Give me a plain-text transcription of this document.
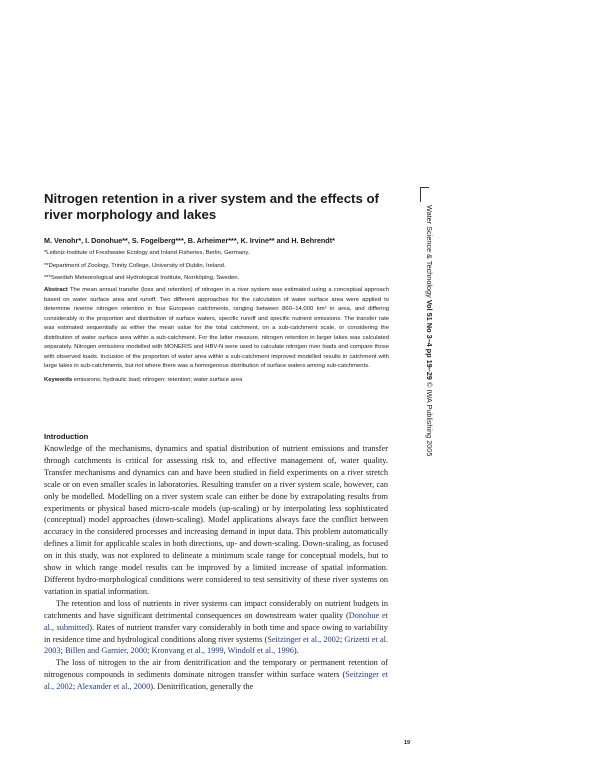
Nitrogen retention in a river system and the effects of river morphology and lakes
M. Venohr*, I. Donohue**, S. Fogelberg***, B. Arheimer***, K. Irvine** and H. Behrendt*
*Leibniz-Institute of Freshwater Ecology and Inland Fisheries, Berlin, Germany.
**Department of Zoology, Trinity College, University of Dublin, Ireland.
***Swedish Meteorological and Hydrological Institute, Norrköping, Sweden.
Abstract The mean annual transfer (loss and retention) of nitrogen in a river system was estimated using a conceptual approach based on water surface area and runoff. Two different approaches for the calculation of water surface area were applied to determine riverine nitrogen retention in four European catchments, ranging between 860–14,000 km² in area, and differing considerably in the proportion and distribution of surface waters, specific runoff and specific nutrient emissions. The transfer rate was estimated sequentially as either the mean value for the total catchment, on a sub-catchment scale, or considering the distribution of water surface area within a sub-catchment. For the latter measure, nitrogen retention in larger lakes was calculated separately. Nitrogen emissions modelled with MONERIS and HBV-N were used to calculate nitrogen river loads and compare those with observed loads. Inclusion of the proportion of water area within a sub-catchment improved modelled results in catchment with large lakes in sub-catchments, but not where there was a homogenous distribution of surface waters among sub-catchments.
Keywords emissions; hydraulic load; nitrogen; retention; water surface area
Introduction

Knowledge of the mechanisms, dynamics and spatial distribution of nutrient emissions and transfer through catchments is critical for assessing risk to, and effective management of, water quality. Transfer mechanisms and dynamics can and have been studied in field experiments on a river stretch scale or on even smaller scales in laboratories. Resulting transfer on a river system scale, however, can only be modelled. Modelling on a river system scale can either be done by extrapolating results from experiments or physical based micro-scale models (up-scaling) or by interpolating less sophisticated (conceptual) model approaches (down-scaling). Model applications always face the conflict between accuracy in the considered processes and increasing demand in input data. This problem automatically defines a limit for applicable scales in both directions, up- and down-scaling. Down-scaling, as focused on in this study, was not explored to delineate a minimum scale range for conceptual models, but to show in which range model results can be improved by a limited increase of spatial information. Different hydro-morphological conditions were considered to test sensitivity of these river systems on variation in spatial information.

The retention and loss of nutrients in river systems can impact considerably on nutrient budgets in catchments and have significant detrimental consequences on downstream water quality (Donohue et al., submitted). Rates of nutrient transfer vary considerably in both time and space owing to variability in residence time and hydrological conditions along river systems (Seitzinger et al., 2002; Grizetti et al. 2003; Billen and Garnier, 2000; Kronvang et al., 1999, Windolf et al., 1996).

The loss of nitrogen to the air from denitrification and the temporary or permanent retention of nitrogenous compounds in sediments dominate nitrogen transfer within surface waters (Seitzinger et al., 2002; Alexander et al., 2000). Denitrification, generally the

Water Science & Technology Vol 51 No 3–4 pp 19–29 © IWA Publishing 2005
19
